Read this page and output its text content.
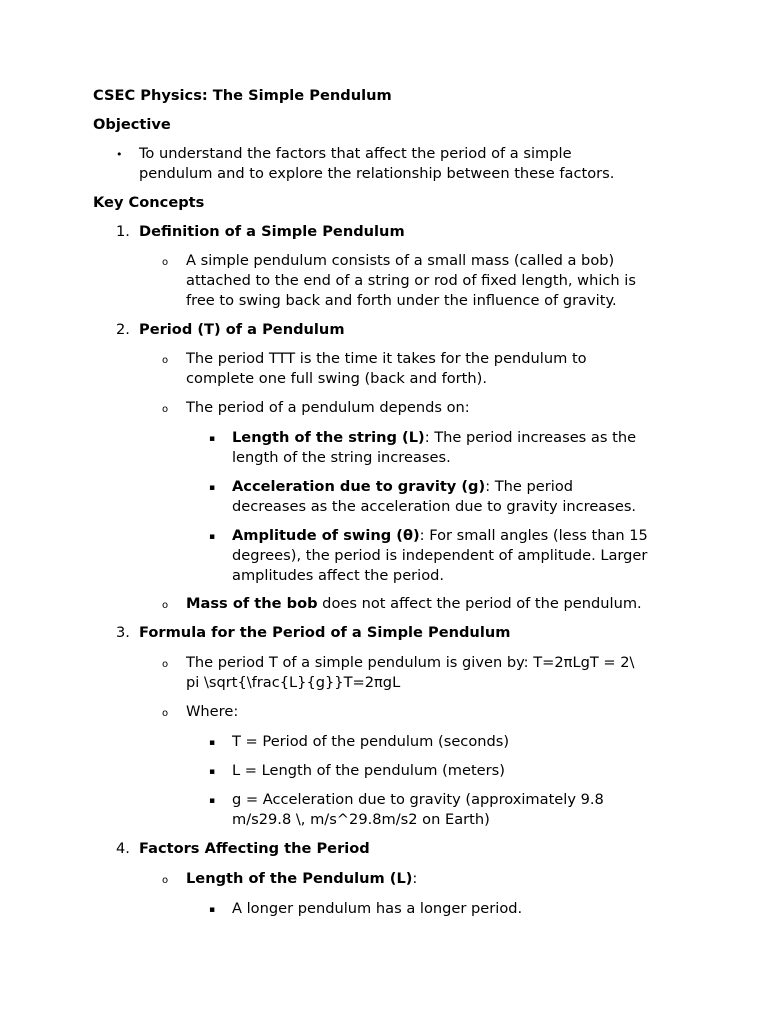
CSEC Physics: The Simple Pendulum
Objective
• To understand the factors that affect the period of a simple
pendulum and to explore the relationship between these factors.
Key Concepts
1. Definition of a Simple Pendulum
o A simple pendulum consists of a small mass (called a bob)
attached to the end of a string or rod of fixed length, which is
free to swing back and forth under the influence of gravity.
2. Period (T) of a Pendulum
o The period TTT is the time it takes for the pendulum to
complete one full swing (back and forth).
o The period of a pendulum depends on:
▪ Length of the string (L): The period increases as the
length of the string increases.
▪ Acceleration due to gravity (g): The period
decreases as the acceleration due to gravity increases.
▪ Amplitude of swing (θ): For small angles (less than 15
degrees), the period is independent of amplitude. Larger
amplitudes affect the period.
o Mass of the bob does not affect the period of the pendulum.
3. Formula for the Period of a Simple Pendulum
o The period T of a simple pendulum is given by: T=2πLgT = 2\
pi \sqrt{\frac{L}{g}}T=2πgL
o Where:
▪ T = Period of the pendulum (seconds)
▪ L = Length of the pendulum (meters)
▪ g = Acceleration due to gravity (approximately 9.8
m/s29.8 \, m/s^29.8m/s2 on Earth)
4. Factors Affecting the Period
o Length of the Pendulum (L):
▪ A longer pendulum has a longer period.
